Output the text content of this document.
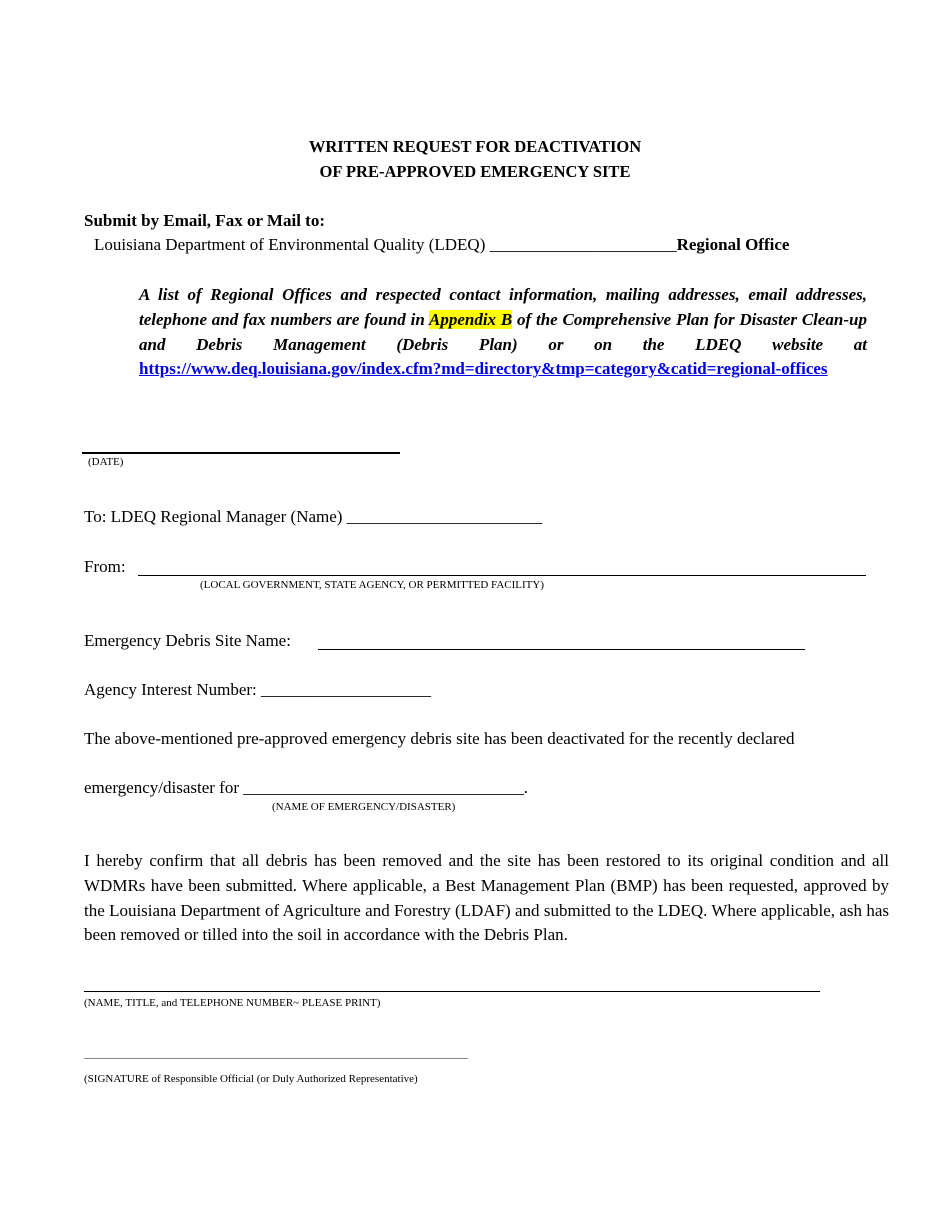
WRITTEN REQUEST FOR DEACTIVATION
OF PRE-APPROVED EMERGENCY SITE
Submit by Email, Fax or Mail to:
Louisiana Department of Environmental Quality (LDEQ) ______________________Regional Office
A list of Regional Offices and respected contact information, mailing addresses, email addresses, telephone and fax numbers are found in Appendix B of the Comprehensive Plan for Disaster Clean-up and Debris Management (Debris Plan) or on the LDEQ website at https://www.deq.louisiana.gov/index.cfm?md=directory&tmp=category&catid=regional-offices
(DATE)
To: LDEQ Regional Manager (Name) _______________________
From:
(LOCAL GOVERNMENT, STATE AGENCY, OR PERMITTED FACILITY)
Emergency Debris Site Name:
Agency Interest Number: ____________________
The above-mentioned pre-approved emergency debris site has been deactivated for the recently declared
emergency/disaster for _________________________________.
(NAME OF EMERGENCY/DISASTER)
I hereby confirm that all debris has been removed and the site has been restored to its original condition and all WDMRs have been submitted. Where applicable, a Best Management Plan (BMP) has been requested, approved by the Louisiana Department of Agriculture and Forestry (LDAF) and submitted to the LDEQ. Where applicable, ash has been removed or tilled into the soil in accordance with the Debris Plan.
(NAME, TITLE, and TELEPHONE NUMBER~ PLEASE PRINT)
(SIGNATURE of Responsible Official (or Duly Authorized Representative)
